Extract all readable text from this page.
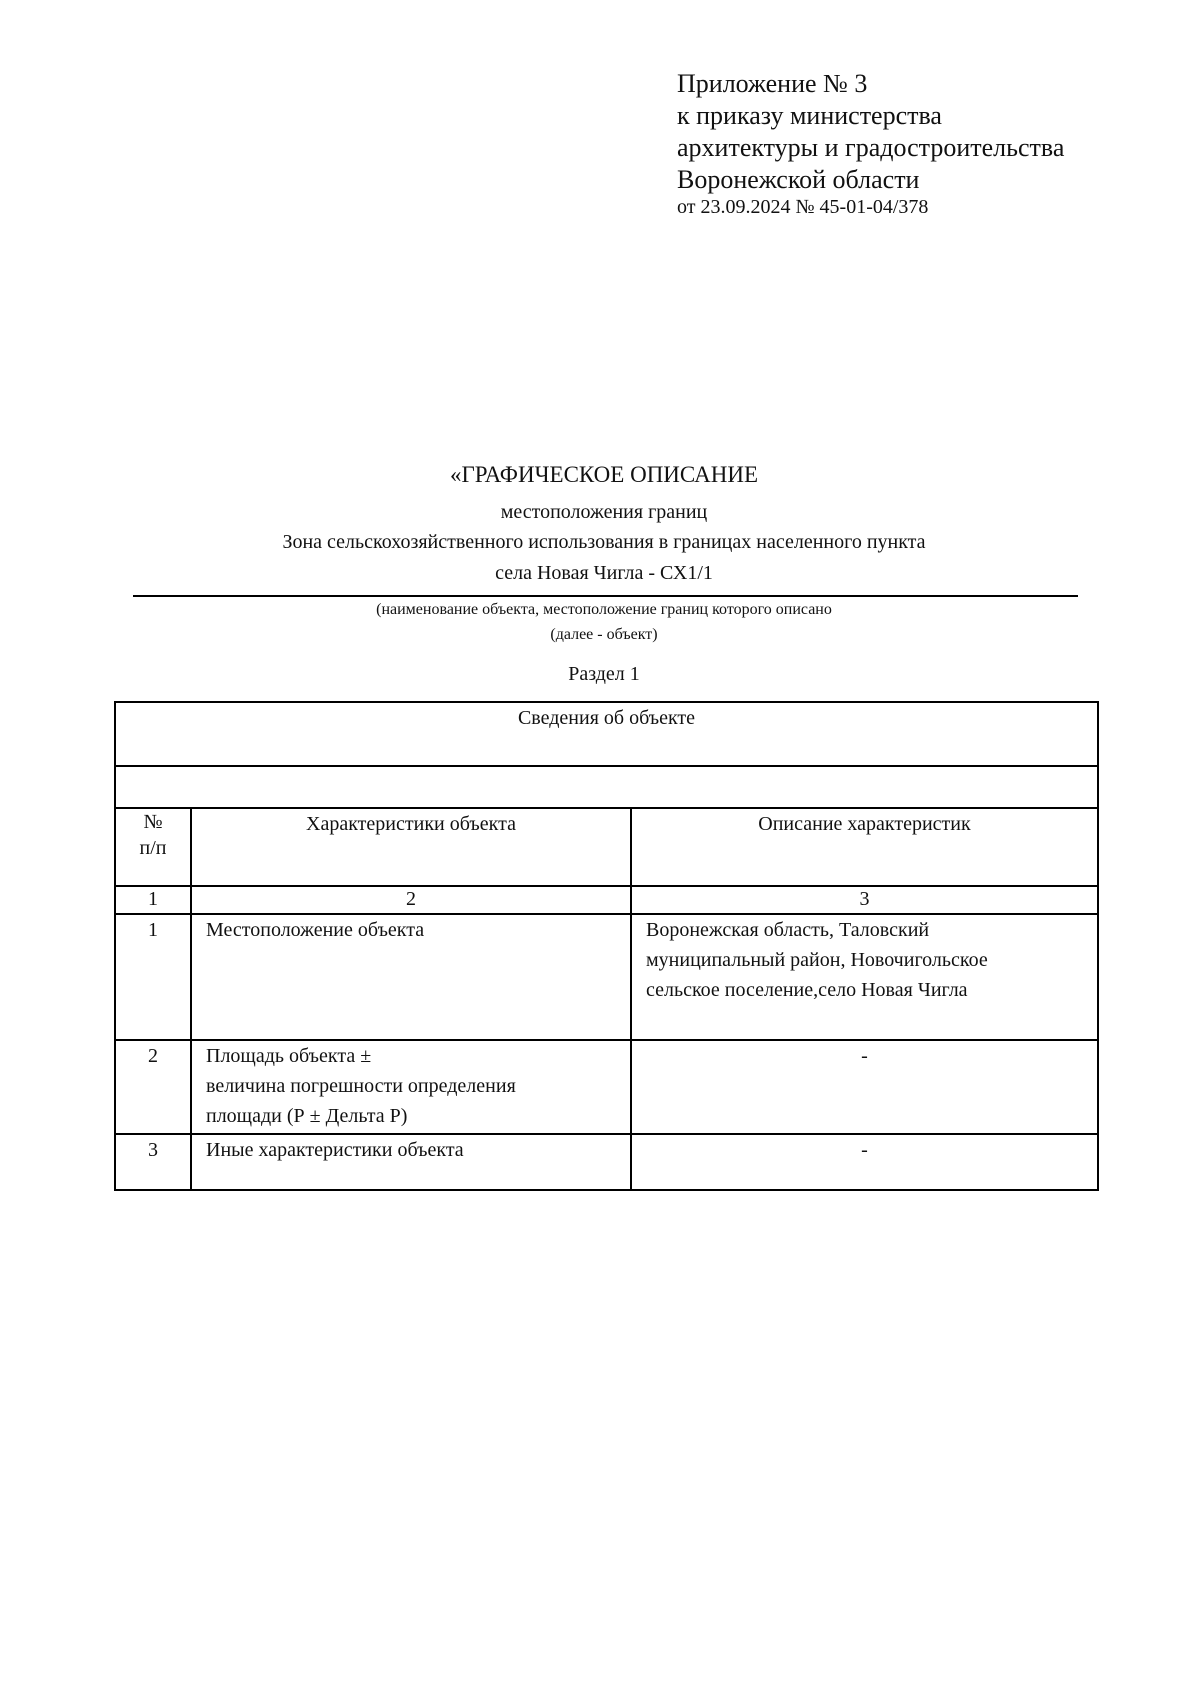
Приложение № 3
к приказу министерства
архитектуры и градостроительства
Воронежской области
от 23.09.2024 № 45-01-04/378
«ГРАФИЧЕСКОЕ ОПИСАНИЕ
местоположения границ
Зона сельскохозяйственного использования в границах населенного пункта
села Новая Чигла - СХ1/1
(наименование объекта, местоположение границ которого описано
(далее - объект)
Раздел 1
Сведения об объекте		

№
п/п	Характеристики объекта	Описание характеристик
1	2	3
1	Местоположение объекта	Воронежская область, Таловский
муниципальный район, Новочигольское
сельское поселение,село Новая Чигла

2	Площадь объекта ±
величина погрешности определения
площади (Р ± Дельта Р)	-
3	Иные характеристики объекта	-
